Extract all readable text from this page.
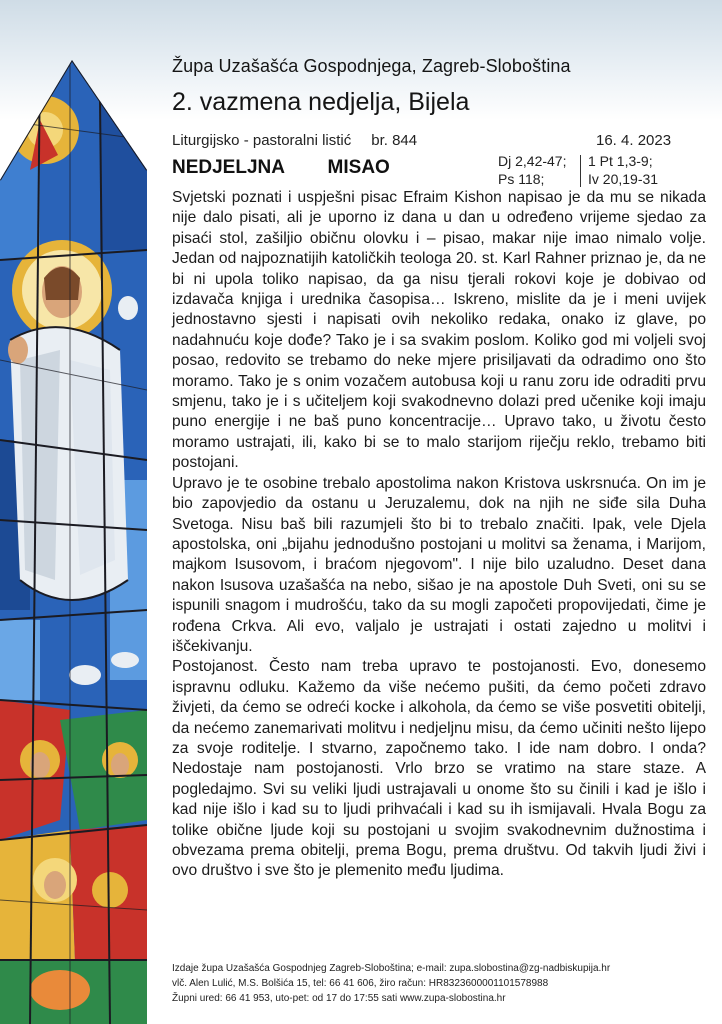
Župa Uzašašća Gospodnjega, Zagreb-Sloboština
2. vazmena nedjelja, Bijela
Liturgijsko - pastoralni listić br. 844	16. 4. 2023
NEDJELJNA MISAO	Dj 2,42-47;
Ps 118;
1 Pt 1,3-9;
Iv 20,19-31

Svjetski poznati i uspješni pisac Efraim Kishon napisao je da mu se nikada nije dalo pisati, ali je uporno iz dana u dan u određeno vrijeme sjedao za pisaći stol, zašiljio običnu olovku i – pisao, makar nije imao nimalo volje. Jedan od najpoznatijih katoličkih teologa 20. st. Karl Rahner priznao je, da ne bi ni upola toliko napisao, da ga nisu tjerali rokovi koje je dobivao od izdavača knjiga i urednika časopisa… Iskreno, mislite da je i meni uvijek jednostavno sjesti i napisati ovih nekoliko redaka, onako iz glave, po nadahnuću koje dođe? Tako je i sa svakim poslom. Koliko god mi voljeli svoj posao, redovito se trebamo do neke mjere prisiljavati da odradimo ono što moramo. Tako je s onim vozačem autobusa koji u ranu zoru ide odraditi prvu smjenu, tako je i s učiteljem koji svakodnevno dolazi pred učenike koji imaju puno energije i ne baš puno koncentracije… Upravo tako, u životu često moramo ustrajati, ili, kako bi se to malo starijom riječju reklo, trebamo biti postojani.

Upravo je te osobine trebalo apostolima nakon Kristova uskrsnuća. On im je bio zapovjedio da ostanu u Jeruzalemu, dok na njih ne siđe sila Duha Svetoga. Nisu baš bili razumjeli što bi to trebalo značiti. Ipak, vele Djela apostolska, oni „bijahu jednodušno postojani u molitvi sa ženama, i Marijom, majkom Isusovom, i braćom njegovom". I nije bilo uzaludno. Deset dana nakon Isusova uzašašća na nebo, sišao je na apostole Duh Sveti, oni su se ispunili snagom i mudrošću, tako da su mogli započeti propovijedati, čime je rođena Crkva. Ali evo, valjalo je ustrajati i ostati zajedno u molitvi i iščekivanju.

Postojanost. Često nam treba upravo te postojanosti. Evo, donesemo ispravnu odluku. Kažemo da više nećemo pušiti, da ćemo početi zdravo živjeti, da ćemo se odreći kocke i alkohola, da ćemo se više posvetiti obitelji, da nećemo zanemarivati molitvu i nedjeljnu misu, da ćemo učiniti nešto lijepo za svoje roditelje. I stvarno, započnemo tako. I ide nam dobro. I onda? Nedostaje nam postojanosti. Vrlo brzo se vratimo na stare staze. A pogledajmo. Svi su veliki ljudi ustrajavali u onome što su činili i kad je išlo i kad nije išlo i kad su to ljudi prihvaćali i kad su ih ismijavali. Hvala Bogu za tolike obične ljude koji su postojani u svojim svakodnevnim dužnostima i obvezama prema obitelji, prema Bogu, prema društvu. Od takvih ljudi živi i ovo društvo i sve što je plemenito među ljudima.

Izdaje župa Uzašašća Gospodnjeg Zagreb-Sloboština; e-mail: zupa.slobostina@zg-nadbiskupija.hr
vlč. Alen Lulić, M.S. Bolšića 15, tel: 66 41 606, žiro račun: HR8323600001101578988
Župni ured: 66 41 953, uto-pet: od 17 do 17:55 sati www.zupa-slobostina.hr
